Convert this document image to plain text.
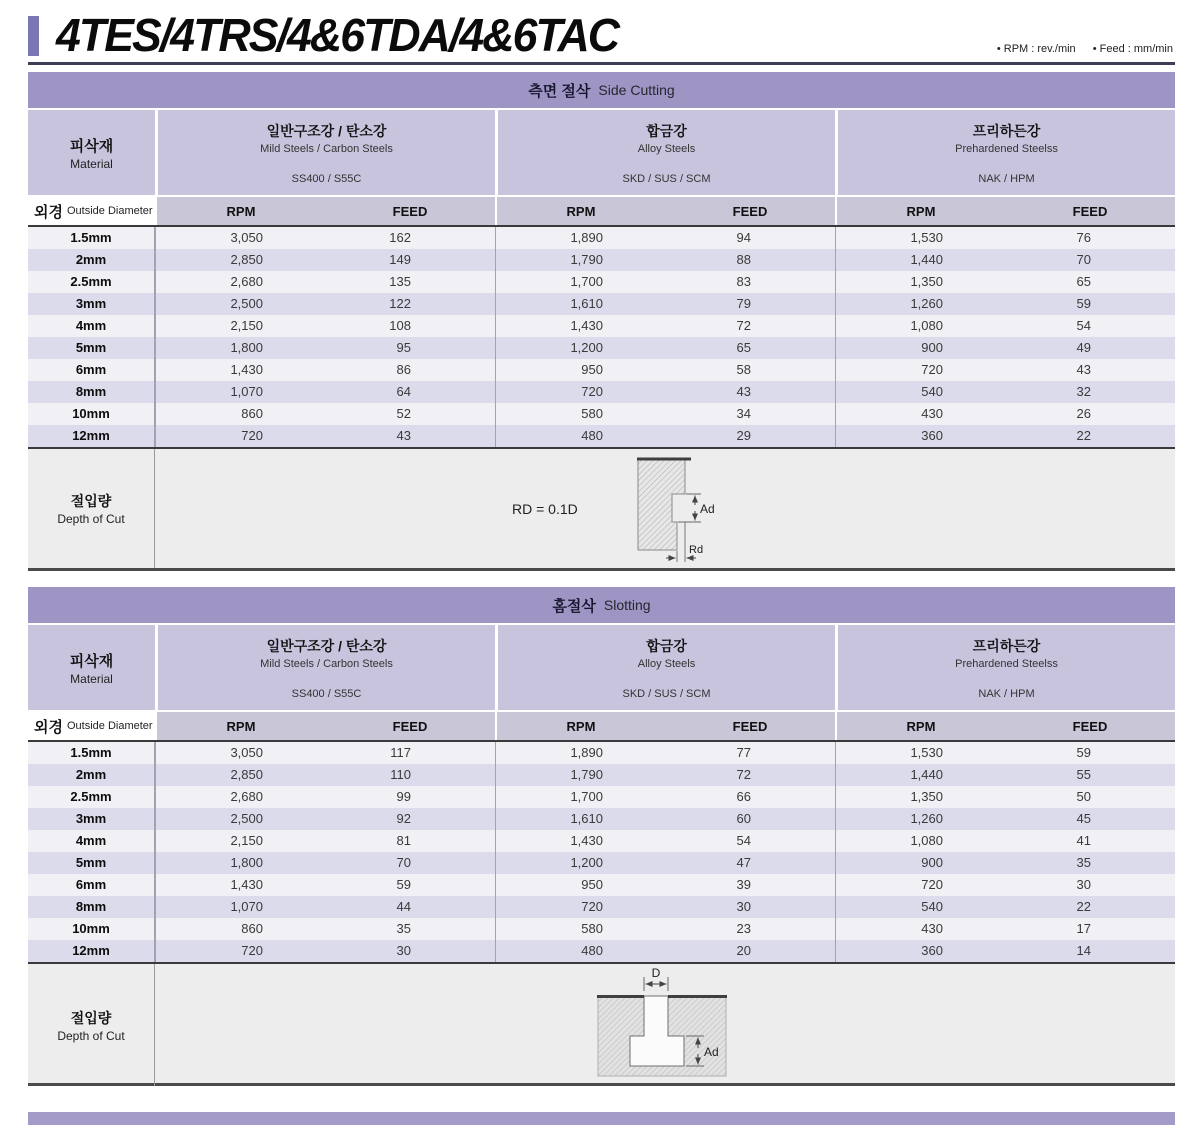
4TES/4TRS/4&6TDA/4&6TAC	• RPM : rev./min • Feed : mm/min
측면 절삭 Side Cutting
피삭재
Material
일반구조강 / 탄소강
Mild Steels / Carbon Steels
SS400 / S55C
합금강
Alloy Steels
SKD / SUS / SCM
프리하든강
Prehardened Steelss
NAK / HPM
외경 Outside Diameter	RPM	FEED	RPM	FEED	RPM	FEED
1.5mm	3,050	162	1,890	94	1,530	76
2mm	2,850	149	1,790	88	1,440	70
2.5mm	2,680	135	1,700	83	1,350	65
3mm	2,500	122	1,610	79	1,260	59
4mm	2,150	108	1,430	72	1,080	54
5mm	1,800	95	1,200	65	900	49
6mm	1,430	86	950	58	720	43
8mm	1,070	64	720	43	540	32
10mm	860	52	580	34	430	26
12mm	720	43	480	29	360	22
절입량
Depth of Cut
RD = 0.1D	Ad
Rd
홈절삭 Slotting
피삭재
Material
일반구조강 / 탄소강
Mild Steels / Carbon Steels
SS400 / S55C
합금강
Alloy Steels
SKD / SUS / SCM
프리하든강
Prehardened Steelss
NAK / HPM
외경 Outside Diameter	RPM	FEED	RPM	FEED	RPM	FEED
1.5mm	3,050	117	1,890	77	1,530	59
2mm	2,850	110	1,790	72	1,440	55
2.5mm	2,680	99	1,700	66	1,350	50
3mm	2,500	92	1,610	60	1,260	45
4mm	2,150	81	1,430	54	1,080	41
5mm	1,800	70	1,200	47	900	35
6mm	1,430	59	950	39	720	30
8mm	1,070	44	720	30	540	22
10mm	860	35	580	23	430	17
12mm	720	30	480	20	360	14
절입량
Depth of Cut
D
Ad
